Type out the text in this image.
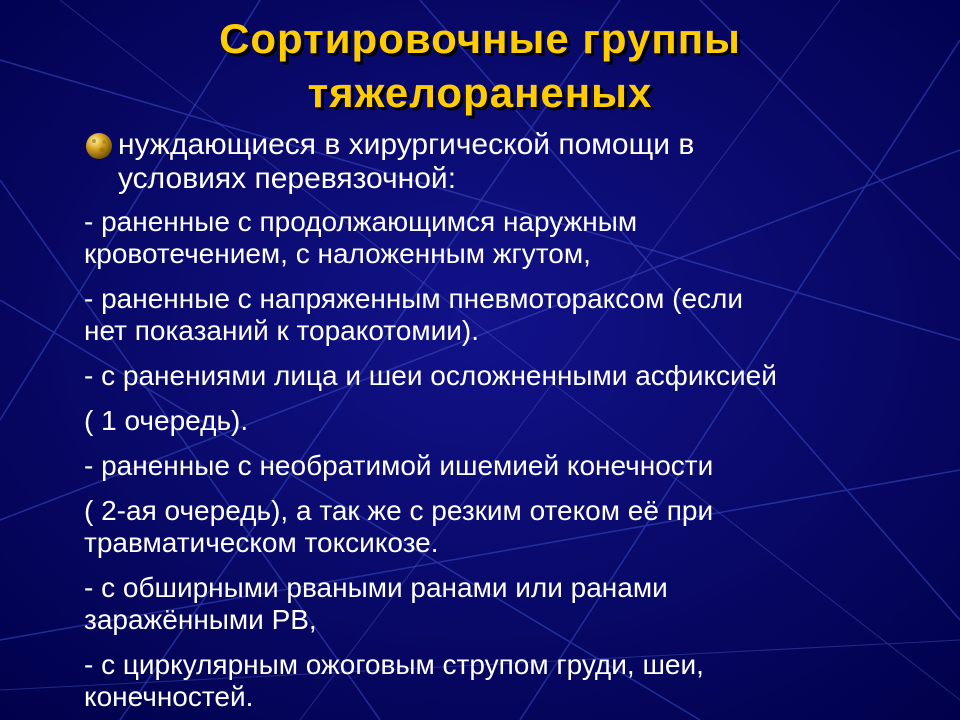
Сортировочные группы
тяжелораненых
нуждающиеся в хирургической помощи в
условиях перевязочной:
- раненные с продолжающимся наружным
кровотечением, с наложенным жгутом,
- раненные с напряженным пневмотораксом (если
нет показаний к торакотомии).
- с ранениями лица и шеи осложненными асфиксией
( 1 очередь).
- раненные с необратимой ишемией конечности
( 2-ая очередь), а так же с резким отеком её при
травматическом токсикозе.
- с обширными рваными ранами или ранами
заражёнными РВ,
- с циркулярным ожоговым струпом груди, шеи,
конечностей.
